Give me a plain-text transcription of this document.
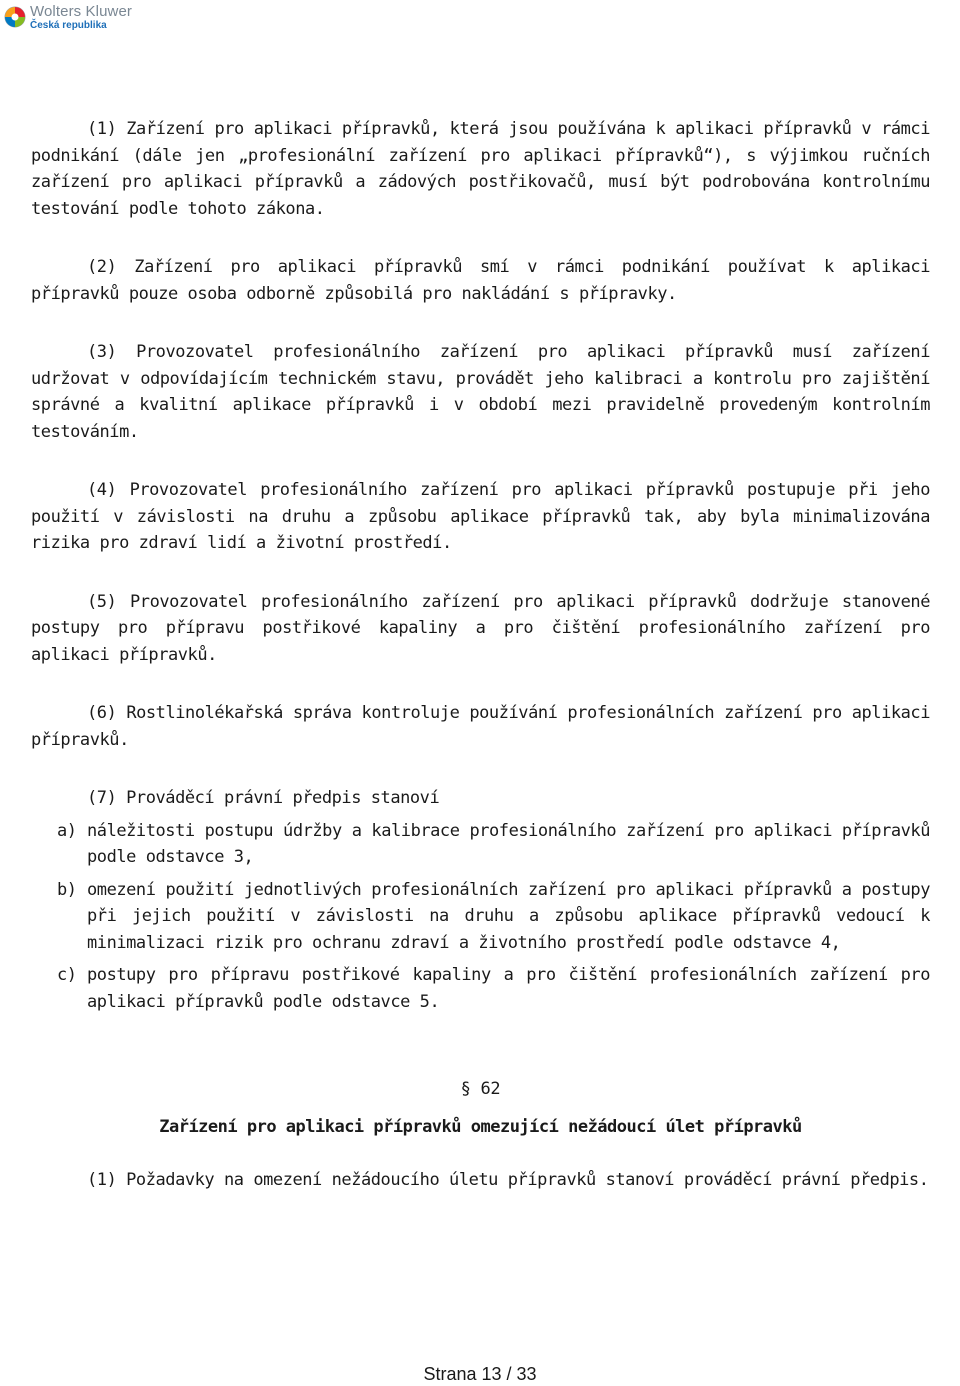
Wolters Kluwer
Česká republika

(1) Zařízení pro aplikaci přípravků, která jsou používána k aplikaci přípravků v rámci podnikání (dále jen „profesionální zařízení pro aplikaci přípravků“), s výjimkou ručních zařízení pro aplikaci přípravků a zádových postřikovačů, musí být podrobována kontrolnímu testování podle tohoto zákona.

(2) Zařízení pro aplikaci přípravků smí v rámci podnikání používat k aplikaci přípravků pouze osoba odborně způsobilá pro nakládání s přípravky.

(3) Provozovatel profesionálního zařízení pro aplikaci přípravků musí zařízení udržovat v odpovídajícím technickém stavu, provádět jeho kalibraci a kontrolu pro zajištění správné a kvalitní aplikace přípravků i v období mezi pravidelně provedeným kontrolním testováním.

(4) Provozovatel profesionálního zařízení pro aplikaci přípravků postupuje při jeho použití v závislosti na druhu a způsobu aplikace přípravků tak, aby byla minimalizována rizika pro zdraví lidí a životní prostředí.

(5) Provozovatel profesionálního zařízení pro aplikaci přípravků dodržuje stanovené postupy pro přípravu postřikové kapaliny a pro čištění profesionálního zařízení pro aplikaci přípravků.

(6) Rostlinolékařská správa kontroluje používání profesionálních zařízení pro aplikaci přípravků.

(7) Prováděcí právní předpis stanoví

a) náležitosti postupu údržby a kalibrace profesionálního zařízení pro aplikaci přípravků podle odstavce 3,
b) omezení použití jednotlivých profesionálních zařízení pro aplikaci přípravků a postupy při jejich použití v závislosti na druhu a způsobu aplikace přípravků vedoucí k minimalizaci rizik pro ochranu zdraví a životního prostředí podle odstavce 4,
c) postupy pro přípravu postřikové kapaliny a pro čištění profesionálních zařízení pro aplikaci přípravků podle odstavce 5.
§ 62
Zařízení pro aplikaci přípravků omezující nežádoucí úlet přípravků

(1) Požadavky na omezení nežádoucího úletu přípravků stanoví prováděcí právní předpis.

Strana 13 / 33
